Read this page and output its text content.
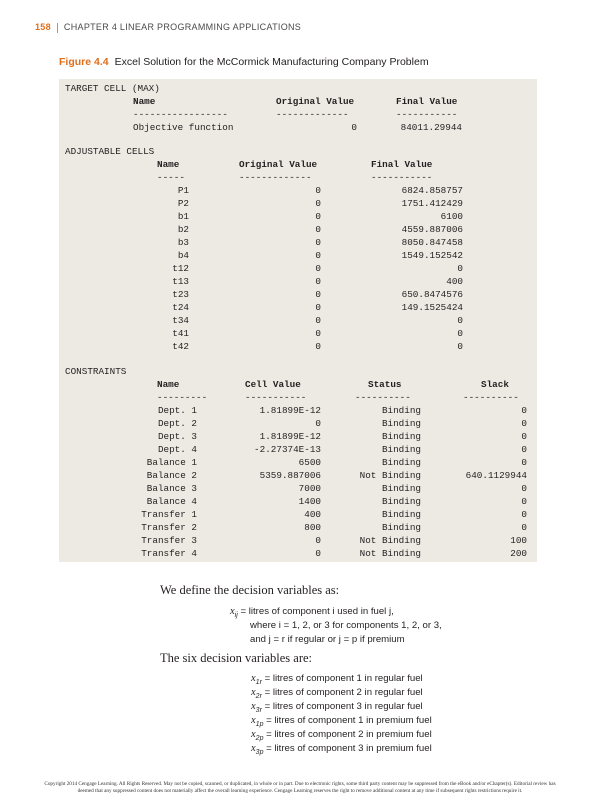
158 CHAPTER 4 LINEAR PROGRAMMING APPLICATIONS
Figure 4.4 Excel Solution for the McCormick Manufacturing Company Problem
TARGET CELL (MAX)
Name	Original Value	Final Value
-----------------	-------------	-----------
Objective function	0	84011.29944
ADJUSTABLE CELLS
Name	Original Value	Final Value
-----	-------------	-----------
P1	0	6824.858757
P2	0	1751.412429
b1	0	6100
b2	0	4559.887006
b3	0	8050.847458
b4	0	1549.152542
t12	0	0
t13	0	400
t23	0	650.8474576
t24	0	149.1525424
t34	0	0
t41	0	0
t42	0	0
CONSTRAINTS
Name	Cell Value	Status	Slack
---------	-----------	----------	----------
Dept. 1	1.81899E-12	Binding	0
Dept. 2	0	Binding	0
Dept. 3	1.81899E-12	Binding	0
Dept. 4	-2.27374E-13	Binding	0
Balance 1	6500	Binding	0
Balance 2	5359.887006	Not Binding	640.1129944
Balance 3	7000	Binding	0
Balance 4	1400	Binding	0
Transfer 1	400	Binding	0
Transfer 2	800	Binding	0
Transfer 3	0	Not Binding	100
Transfer 4	0	Not Binding	200
We define the decision variables as:
$x_{ij}$ = litres of component i used in fuel j,
where i = 1, 2, or 3 for components 1, 2, or 3,
and j = r if regular or j = p if premium
The six decision variables are:
$x_{1r}$ = litres of component 1 in regular fuel
$x_{2r}$ = litres of component 2 in regular fuel
$x_{3r}$ = litres of component 3 in regular fuel
$x_{1p}$ = litres of component 1 in premium fuel
$x_{2p}$ = litres of component 2 in premium fuel
$x_{3p}$ = litres of component 3 in premium fuel
Copyright 2014 Cengage Learning. All Rights Reserved. May not be copied, scanned, or duplicated, in whole or in part. Due to electronic rights, some third party content may be suppressed from the eBook and/or eChapter(s). Editorial review has
deemed that any suppressed content does not materially affect the overall learning experience. Cengage Learning reserves the right to remove additional content at any time if subsequent rights restrictions require it.
